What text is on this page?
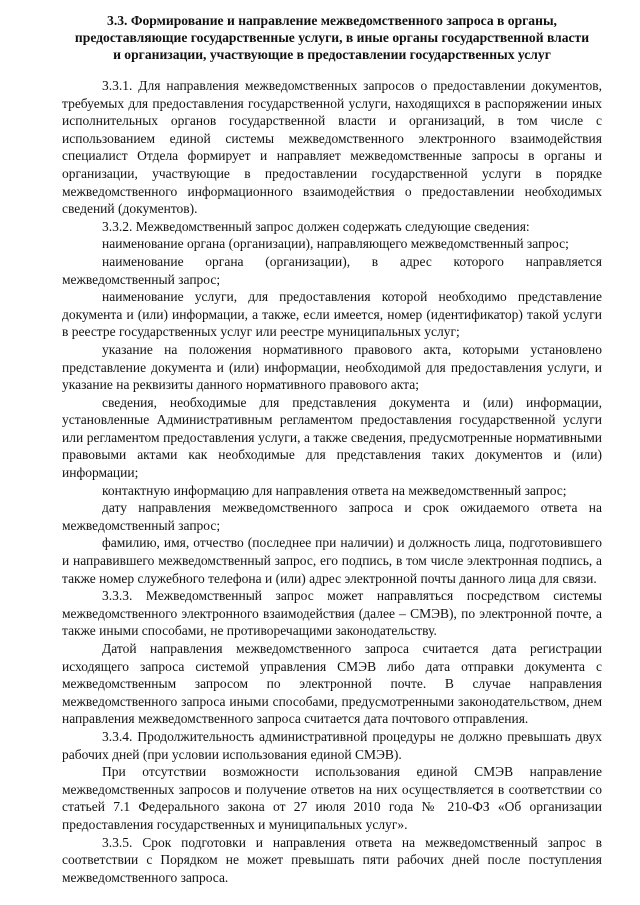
3.3. Формирование и направление межведомственного запроса в органы,
предоставляющие государственные услуги, в иные органы государственной власти
и организации, участвующие в предоставлении государственных услуг

3.3.1. Для направления межведомственных запросов о предоставлении документов, требуемых для предоставления государственной услуги, находящихся в распоряжении иных исполнительных органов государственной власти и организаций, в том числе с использованием единой системы межведомственного электронного взаимодействия специалист Отдела формирует и направляет межведомственные запросы в органы и организации, участвующие в предоставлении государственной услуги в порядке межведомственного информационного взаимодействия о предоставлении необходимых сведений (документов).

3.3.2. Межведомственный запрос должен содержать следующие сведения:

наименование органа (организации), направляющего межведомственный запрос;

наименование органа (организации), в адрес которого направляется межведомственный запрос;

наименование услуги, для предоставления которой необходимо представление документа и (или) информации, а также, если имеется, номер (идентификатор) такой услуги в реестре государственных услуг или реестре муниципальных услуг;

указание на положения нормативного правового акта, которыми установлено представление документа и (или) информации, необходимой для предоставления услуги, и указание на реквизиты данного нормативного правового акта;

сведения, необходимые для представления документа и (или) информации, установленные Административным регламентом предоставления государственной услуги или регламентом предоставления услуги, а также сведения, предусмотренные нормативными правовыми актами как необходимые для представления таких документов и (или) информации;

контактную информацию для направления ответа на межведомственный запрос;

дату направления межведомственного запроса и срок ожидаемого ответа на межведомственный запрос;

фамилию, имя, отчество (последнее при наличии) и должность лица, подготовившего и направившего межведомственный запрос, его подпись, в том числе электронная подпись, а также номер служебного телефона и (или) адрес электронной почты данного лица для связи.

3.3.3. Межведомственный запрос может направляться посредством системы межведомственного электронного взаимодействия (далее – СМЭВ), по электронной почте, а также иными способами, не противоречащими законодательству.

Датой направления межведомственного запроса считается дата регистрации исходящего запроса системой управления СМЭВ либо дата отправки документа с межведомственным запросом по электронной почте. В случае направления межведомственного запроса иными способами, предусмотренными законодательством, днем направления межведомственного запроса считается дата почтового отправления.

3.3.4. Продолжительность административной процедуры не должно превышать двух рабочих дней (при условии использования единой СМЭВ).

При отсутствии возможности использования единой СМЭВ направление межведомственных запросов и получение ответов на них осуществляется в соответствии со статьей 7.1 Федерального закона от 27 июля 2010 года № 210-ФЗ «Об организации предоставления государственных и муниципальных услуг».

3.3.5. Срок подготовки и направления ответа на межведомственный запрос в соответствии с Порядком не может превышать пяти рабочих дней после поступления межведомственного запроса.
